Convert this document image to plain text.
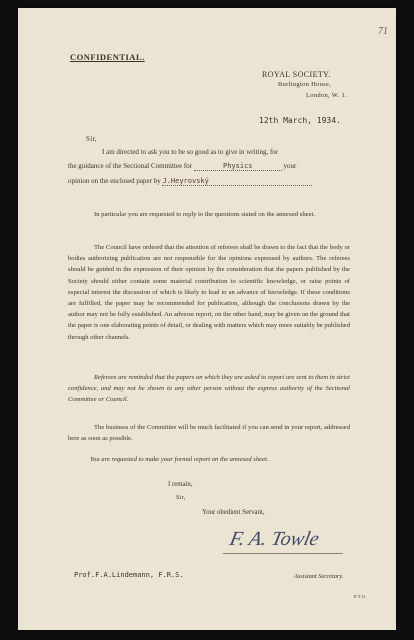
71
CONFIDENTIAL.
ROYAL SOCIETY.
Burlington House,
London, W. 1.
12th March, 1934.
Sir,
I am directed to ask you to be so good as to give in writing, for
the guidance of the Sectional Committee for	Physics	your
opinion on the enclosed paper by J.Heyrovský
In particular you are requested to reply to the questions stated on the annexed sheet.
The Council have ordered that the attention of referees shall be drawn to the fact that the body or bodies authorizing publication are not responsible for the opinions expressed by authors. The referees should be guided in the expression of their opinion by the consideration that the papers published by the Society should either contain some material contribution to scientific knowledge, or raise points of especial interest the discussion of which is likely to lead to an advance of knowledge. If these conditions are fulfilled, the paper may be recommended for publication, although the conclusions drawn by the author may not be fully established. An adverse report, on the other hand, may be given on the ground that the paper is one elaborating points of detail, or dealing with matters which may more suitably be published through other channels.
Referees are reminded that the papers on which they are asked to report are sent to them in strict confidence, and may not be shown to any other person without the express authority of the Sectional Committee or Council.
The business of the Committee will be much facilitated if you can send in your report, addressed here as soon as possible.
You are requested to make your formal report on the annexed sheet.
I remain,
Sir,
Your obedient Servant,
F. A. Towle
Prof.F.A.Lindemann, F.R.S.	Assistant Secretary.
P.T.O.
